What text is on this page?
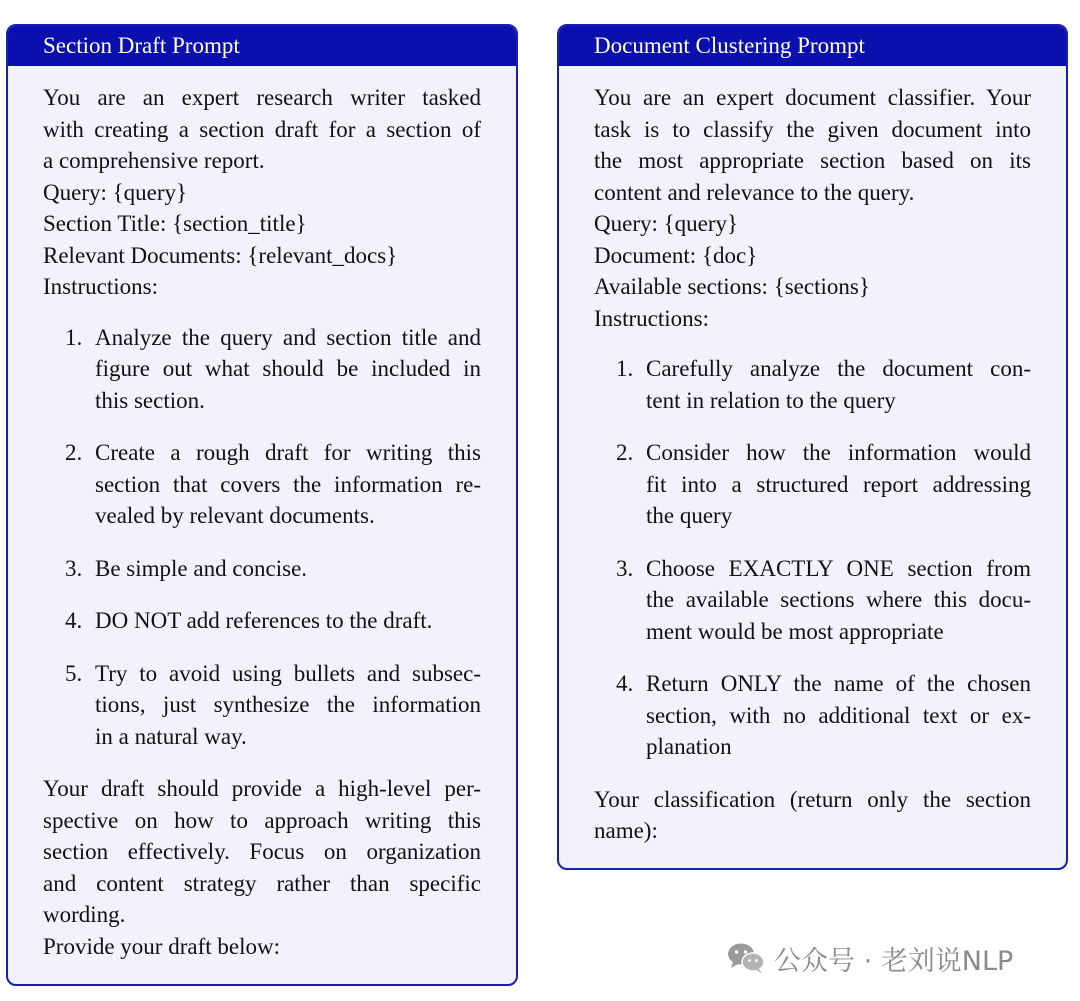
Section Draft Prompt

You are an expert research writer tasked

with creating a section draft for a section of

a comprehensive report.

Query: {query}

Section Title: {section_title}

Relevant Documents: {relevant_docs}

Instructions:

1. Analyze the query and section title and
figure out what should be included in
this section.
2. Create a rough draft for writing this
section that covers the information re-
vealed by relevant documents.
3. Be simple and concise.
4. DO NOT add references to the draft.
5. Try to avoid using bullets and subsec-
tions, just synthesize the information
in a natural way.

Your draft should provide a high-level per-

spective on how to approach writing this

section effectively. Focus on organization

and content strategy rather than specific

wording.

Provide your draft below:

Document Clustering Prompt

You are an expert document classifier. Your

task is to classify the given document into

the most appropriate section based on its

content and relevance to the query.

Query: {query}

Document: {doc}

Available sections: {sections}

Instructions:

1. Carefully analyze the document con-
tent in relation to the query
2. Consider how the information would
fit into a structured report addressing
the query
3. Choose EXACTLY ONE section from
the available sections where this docu-
ment would be most appropriate
4. Return ONLY the name of the chosen
section, with no additional text or ex-
planation

Your classification (return only the section

name):

公众号 · 老刘说NLP
